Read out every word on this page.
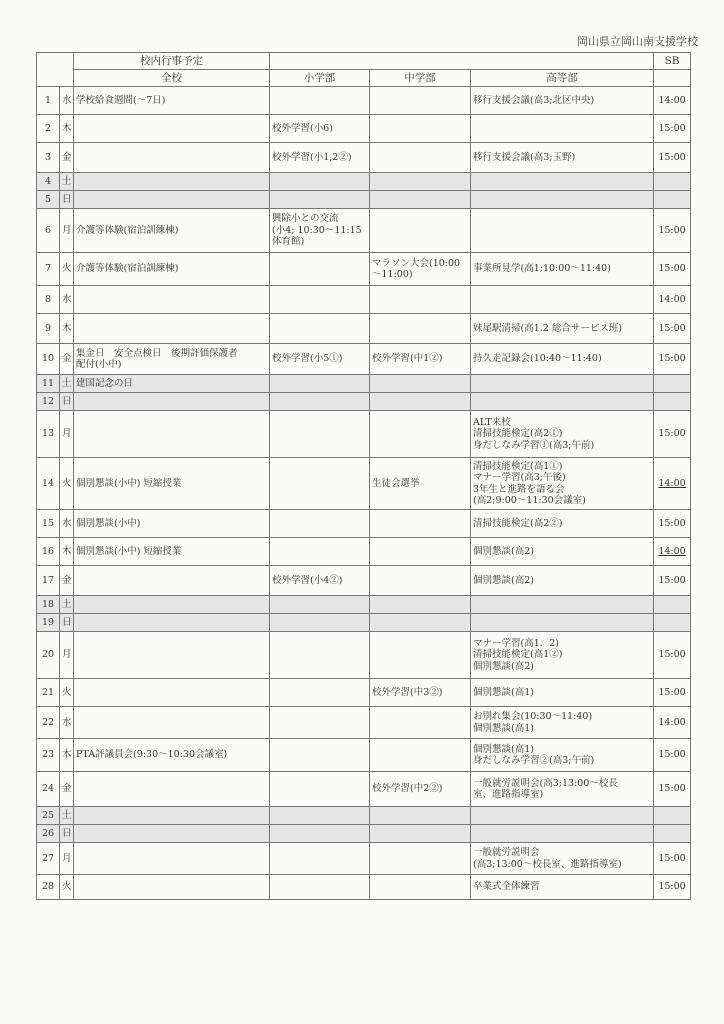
岡山県立岡山南支援学校
		校内行事予定				SB
		全校	小学部	中学部	高等部	
1	水	学校給食週間(～7日)			移行支援会議(高3;北区中央)	14:00
2	木		校外学習(小6)			15:00
3	金		校外学習(小1,2②)		移行支援会議(高3;玉野)	15:00
4	土					
5	日					
6	月	介護等体験(宿泊訓練棟)	興除小との交流
(小4; 10:30～11:15
体育館)			15:00
7	火	介護等体験(宿泊訓練棟)		マラソン大会(10:00
～11:00)	事業所見学(高1;10:00～11:40)	15:00
8	水					14:00
9	木				妹尾駅清掃(高1.2 総合サービス班)	15:00
10	金	集金日　安全点検日　後期評価保護者
配付(小中)	校外学習(小5①)	校外学習(中1②)	持久走記録会(10:40～11:40)	15:00
11	土	建国記念の日				
12	日					
13	月				ALT来校
清掃技能検定(高2①)
身だしなみ学習①(高3;午前)	15:00
14	火	個別懇談(小中) 短縮授業		生徒会選挙	清掃技能検定(高1①)
マナー学習(高3;午後)
3年生と進路を語る会
(高2;9:00～11:30会議室)	14:00
15	水	個別懇談(小中)			清掃技能検定(高2②)	15:00
16	木	個別懇談(小中) 短縮授業			個別懇談(高2)	14:00
17	金		校外学習(小4②)		個別懇談(高2)	15:00
18	土					
19	日					
20	月				マナー学習(高1．2)
清掃技能検定(高1②)
個別懇談(高2)	15:00
21	火			校外学習(中3②)	個別懇談(高1)	15:00
22	水				お別れ集会(10:30～11:40)
個別懇談(高1)	14:00
23	木	PTA評議員会(9:30～10:30会議室)			個別懇談(高1)
身だしなみ学習②(高3;午前)	15:00
24	金			校外学習(中2②)	一般就労説明会(高3;13:00～校長
室、進路指導室)	15:00
25	土					
26	日					
27	月				一般就労説明会
(高3;13:00～校長室、進路指導室)	15:00
28	火				卒業式全体練習	15:00
